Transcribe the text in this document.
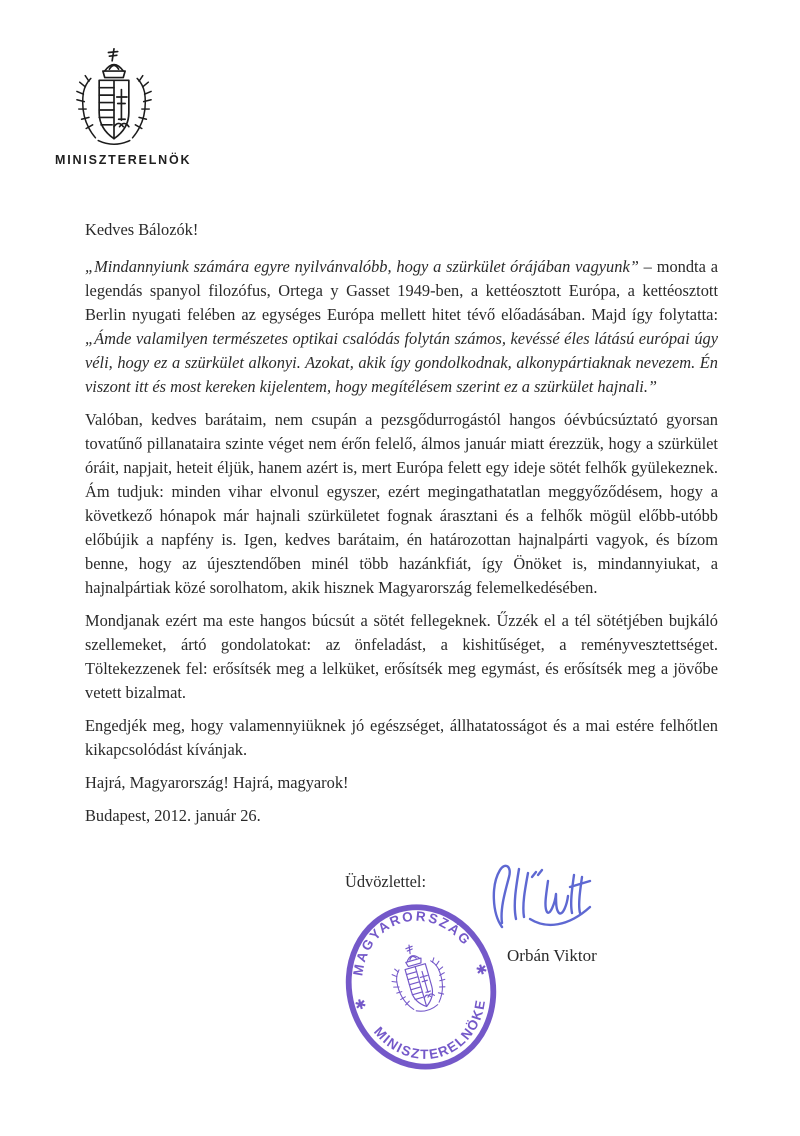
MINISZTERELNÖK

Kedves Bálozók!

„Mindannyiunk számára egyre nyilvánvalóbb, hogy a szürkület órájában vagyunk” – mondta a legendás spanyol filozófus, Ortega y Gasset 1949-ben, a kettéosztott Európa, a kettéosztott Berlin nyugati felében az egységes Európa mellett hitet tévő előadásában. Majd így folytatta: „Ámde valamilyen természetes optikai csalódás folytán számos, kevéssé éles látású európai úgy véli, hogy ez a szürkület alkonyi. Azokat, akik így gondolkodnak, alkonypártiaknak nevezem. Én viszont itt és most kereken kijelentem, hogy megítélésem szerint ez a szürkület hajnali.”

Valóban, kedves barátaim, nem csupán a pezsgődurrogástól hangos óévbúcsúztató gyorsan tovatűnő pillanataira szinte véget nem érőn felelő, álmos január miatt érezzük, hogy a szürkület óráit, napjait, heteit éljük, hanem azért is, mert Európa felett egy ideje sötét felhők gyülekeznek. Ám tudjuk: minden vihar elvonul egyszer, ezért megingathatatlan meggyőződésem, hogy a következő hónapok már hajnali szürkületet fognak árasztani és a felhők mögül előbb-utóbb előbújik a napfény is. Igen, kedves barátaim, én határozottan hajnalpárti vagyok, és bízom benne, hogy az újesztendőben minél több hazánkfiát, így Önöket is, mindannyiukat, a hajnalpártiak közé sorolhatom, akik hisznek Magyarország felemelkedésében.

Mondjanak ezért ma este hangos búcsút a sötét fellegeknek. Űzzék el a tél sötétjében bujkáló szellemeket, ártó gondolatokat: az önfeladást, a kishitűséget, a reményvesztettséget. Töltekezzenek fel: erősítsék meg a lelküket, erősítsék meg egymást, és erősítsék meg a jövőbe vetett bizalmat.

Engedjék meg, hogy valamennyiüknek jó egészséget, állhatatosságot és a mai estére felhőtlen kikapcsolódást kívánjak.

Hajrá, Magyarország! Hajrá, magyarok!

Budapest, 2012. január 26.

Üdvözlettel:
Orbán Viktor
MAGYARORSZÁG
MINISZTERELNÖKE
✱
✱
